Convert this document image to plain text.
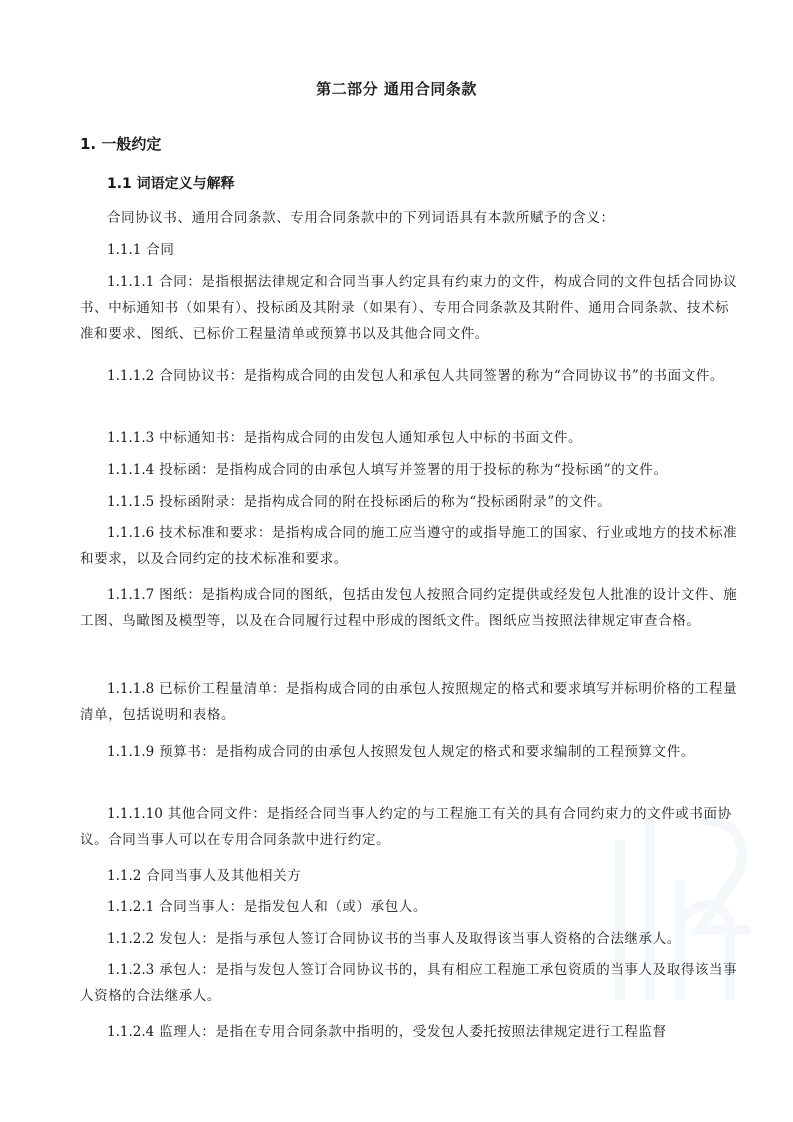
第二部分 通用合同条款
1. 一般约定
1.1 词语定义与解释

合同协议书、通用合同条款、专用合同条款中的下列词语具有本款所赋予的含义：

1.1.1 合同

1.1.1.1 合同：是指根据法律规定和合同当事人约定具有约束力的文件，构成合同的文件包括合同协议书、中标通知书（如果有）、投标函及其附录（如果有）、专用合同条款及其附件、通用合同条款、技术标准和要求、图纸、已标价工程量清单或预算书以及其他合同文件。

1.1.1.2 合同协议书：是指构成合同的由发包人和承包人共同签署的称为“合同协议书”的书面文件。

1.1.1.3 中标通知书：是指构成合同的由发包人通知承包人中标的书面文件。

1.1.1.4 投标函：是指构成合同的由承包人填写并签署的用于投标的称为“投标函”的文件。

1.1.1.5 投标函附录：是指构成合同的附在投标函后的称为“投标函附录”的文件。

1.1.1.6 技术标准和要求：是指构成合同的施工应当遵守的或指导施工的国家、行业或地方的技术标准和要求，以及合同约定的技术标准和要求。

1.1.1.7 图纸：是指构成合同的图纸，包括由发包人按照合同约定提供或经发包人批准的设计文件、施工图、鸟瞰图及模型等，以及在合同履行过程中形成的图纸文件。图纸应当按照法律规定审查合格。

1.1.1.8 已标价工程量清单：是指构成合同的由承包人按照规定的格式和要求填写并标明价格的工程量清单，包括说明和表格。

1.1.1.9 预算书：是指构成合同的由承包人按照发包人规定的格式和要求编制的工程预算文件。

1.1.1.10 其他合同文件：是指经合同当事人约定的与工程施工有关的具有合同约束力的文件或书面协议。合同当事人可以在专用合同条款中进行约定。

1.1.2 合同当事人及其他相关方

1.1.2.1 合同当事人：是指发包人和（或）承包人。

1.1.2.2 发包人：是指与承包人签订合同协议书的当事人及取得该当事人资格的合法继承人。

1.1.2.3 承包人：是指与发包人签订合同协议书的，具有相应工程施工承包资质的当事人及取得该当事人资格的合法继承人。

1.1.2.4 监理人：是指在专用合同条款中指明的，受发包人委托按照法律规定进行工程监督
